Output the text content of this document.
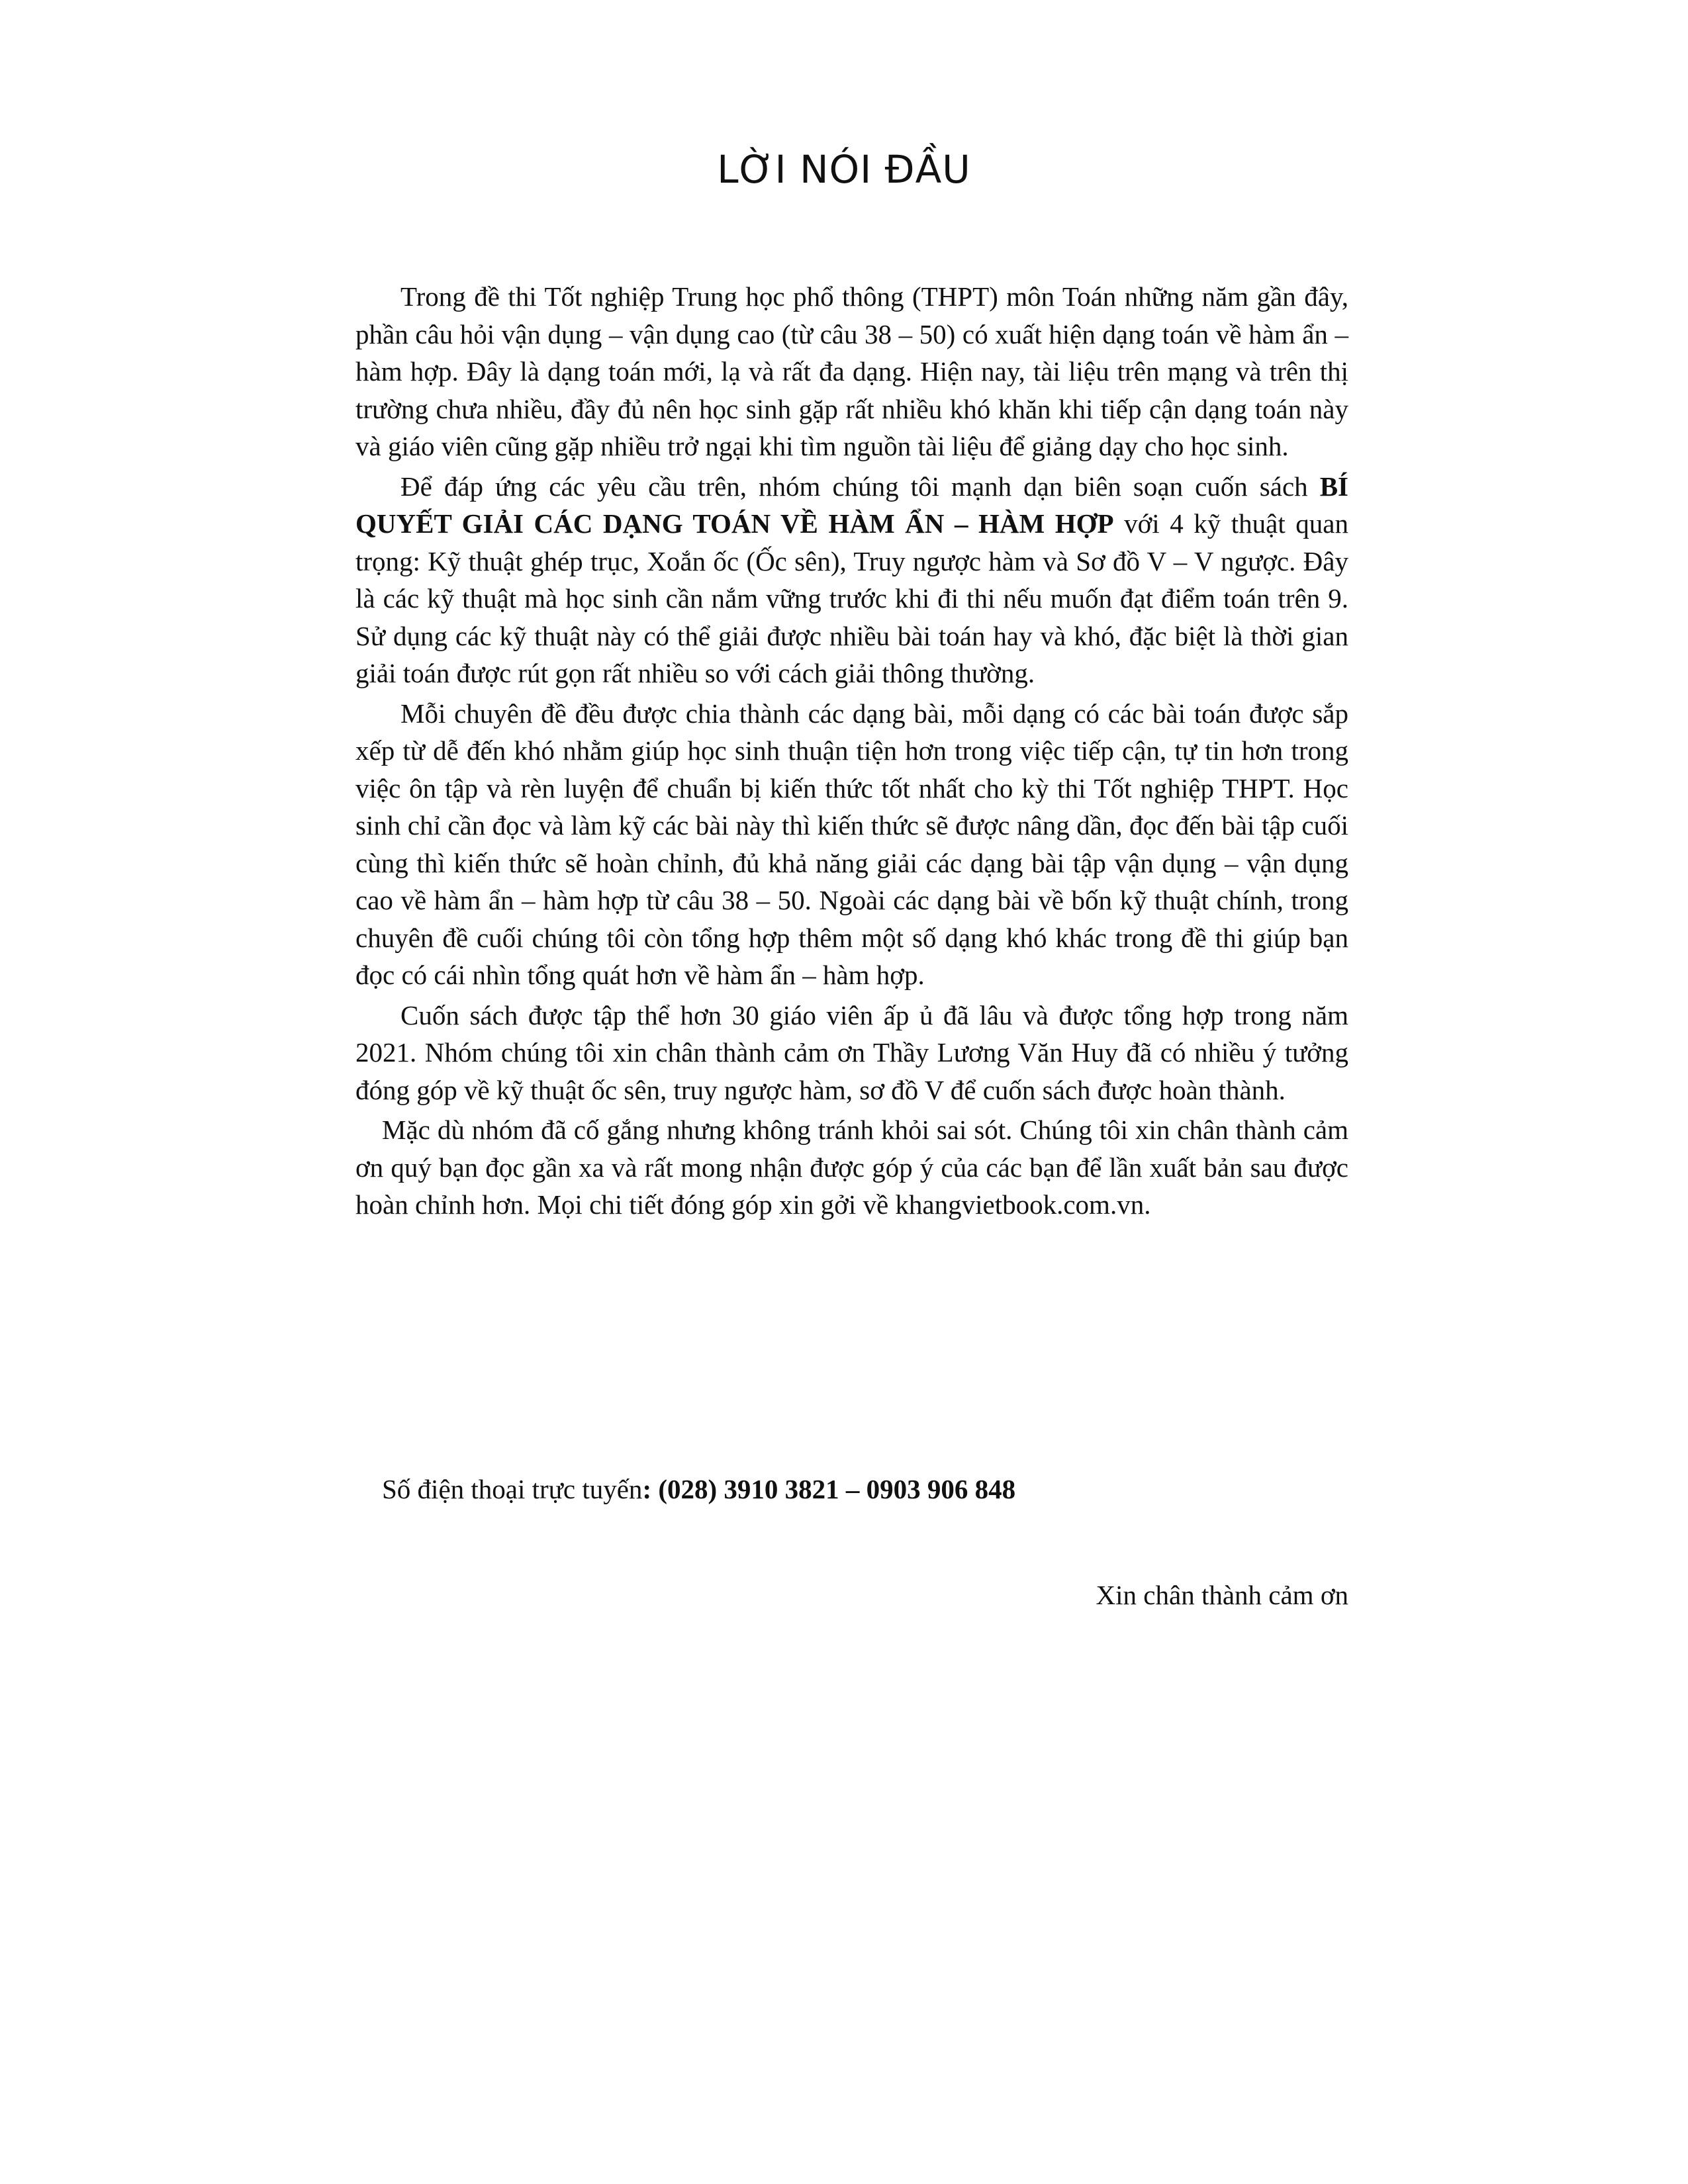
LỜI NÓI ĐẦU

Trong đề thi Tốt nghiệp Trung học phổ thông (THPT) môn Toán những năm gần đây, phần câu hỏi vận dụng – vận dụng cao (từ câu 38 – 50) có xuất hiện dạng toán về hàm ẩn – hàm hợp. Đây là dạng toán mới, lạ và rất đa dạng. Hiện nay, tài liệu trên mạng và trên thị trường chưa nhiều, đầy đủ nên học sinh gặp rất nhiều khó khăn khi tiếp cận dạng toán này và giáo viên cũng gặp nhiều trở ngại khi tìm nguồn tài liệu để giảng dạy cho học sinh.

Để đáp ứng các yêu cầu trên, nhóm chúng tôi mạnh dạn biên soạn cuốn sách BÍ QUYẾT GIẢI CÁC DẠNG TOÁN VỀ HÀM ẨN – HÀM HỢP với 4 kỹ thuật quan trọng: Kỹ thuật ghép trục, Xoắn ốc (Ốc sên), Truy ngược hàm và Sơ đồ V – V ngược. Đây là các kỹ thuật mà học sinh cần nắm vững trước khi đi thi nếu muốn đạt điểm toán trên 9. Sử dụng các kỹ thuật này có thể giải được nhiều bài toán hay và khó, đặc biệt là thời gian giải toán được rút gọn rất nhiều so với cách giải thông thường.

Mỗi chuyên đề đều được chia thành các dạng bài, mỗi dạng có các bài toán được sắp xếp từ dễ đến khó nhằm giúp học sinh thuận tiện hơn trong việc tiếp cận, tự tin hơn trong việc ôn tập và rèn luyện để chuẩn bị kiến thức tốt nhất cho kỳ thi Tốt nghiệp THPT. Học sinh chỉ cần đọc và làm kỹ các bài này thì kiến thức sẽ được nâng dần, đọc đến bài tập cuối cùng thì kiến thức sẽ hoàn chỉnh, đủ khả năng giải các dạng bài tập vận dụng – vận dụng cao về hàm ẩn – hàm hợp từ câu 38 – 50. Ngoài các dạng bài về bốn kỹ thuật chính, trong chuyên đề cuối chúng tôi còn tổng hợp thêm một số dạng khó khác trong đề thi giúp bạn đọc có cái nhìn tổng quát hơn về hàm ẩn – hàm hợp.

Cuốn sách được tập thể hơn 30 giáo viên ấp ủ đã lâu và được tổng hợp trong năm 2021. Nhóm chúng tôi xin chân thành cảm ơn Thầy Lương Văn Huy đã có nhiều ý tưởng đóng góp về kỹ thuật ốc sên, truy ngược hàm, sơ đồ V để cuốn sách được hoàn thành.

Mặc dù nhóm đã cố gắng nhưng không tránh khỏi sai sót. Chúng tôi xin chân thành cảm ơn quý bạn đọc gần xa và rất mong nhận được góp ý của các bạn để lần xuất bản sau được hoàn chỉnh hơn. Mọi chi tiết đóng góp xin gởi về khangvietbook.com.vn.

Số điện thoại trực tuyến: (028) 3910 3821 – 0903 906 848

Xin chân thành cảm ơn
